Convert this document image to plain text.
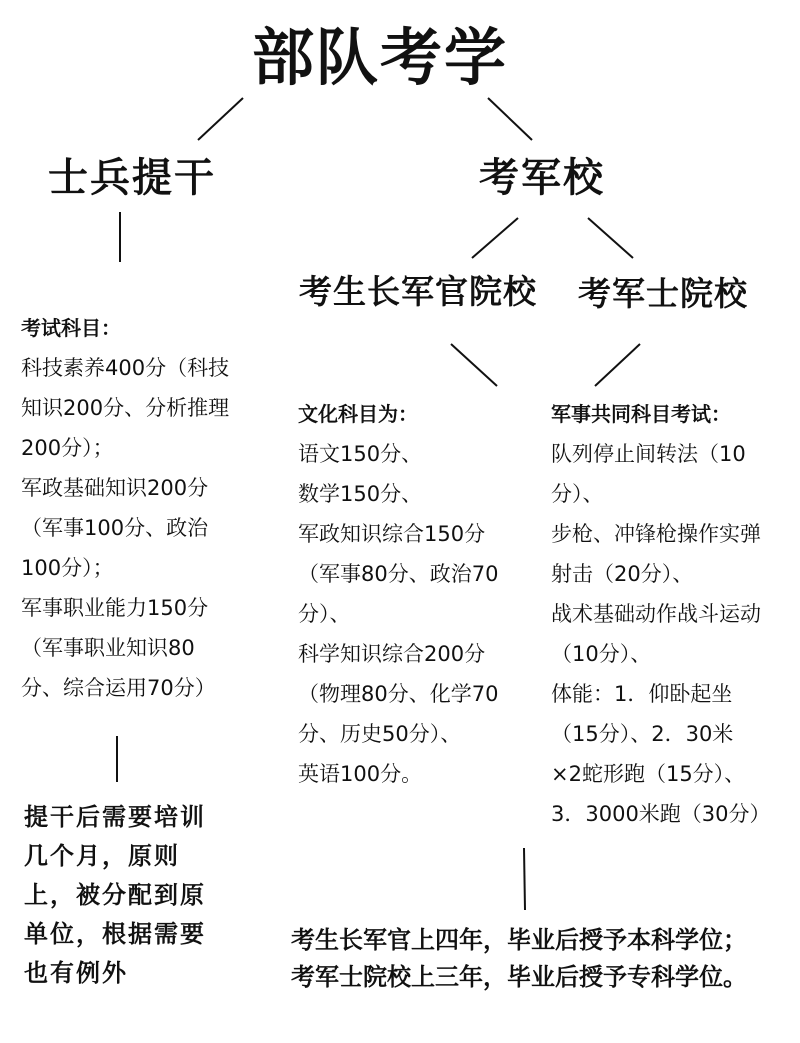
部队考学
士兵提干	考军校
考生长军官院校 考军士院校
考试科目：
科技素养400分（科技
知识200分、分析推理
200分）；
军政基础知识200分
（军事100分、政治
100分）；
军事职业能力150分
（军事职业知识80
分、综合运用70分）
文化科目为：
语文150分、
数学150分、
军政知识综合150分
（军事80分、政治70
分）、
科学知识综合200分
（物理80分、化学70
分、历史50分）、
英语100分。
军事共同科目考试：
队列停止间转法（10
分）、
步枪、冲锋枪操作实弹
射击（20分）、
战术基础动作战斗运动
（10分）、
体能：1．仰卧起坐
（15分）、2．30米
×2蛇形跑（15分）、
3．3000米跑（30分）
提干后需要培训
几个月，原则
上，被分配到原
单位，根据需要
也有例外
考生长军官上四年，毕业后授予本科学位；
考军士院校上三年，毕业后授予专科学位。
